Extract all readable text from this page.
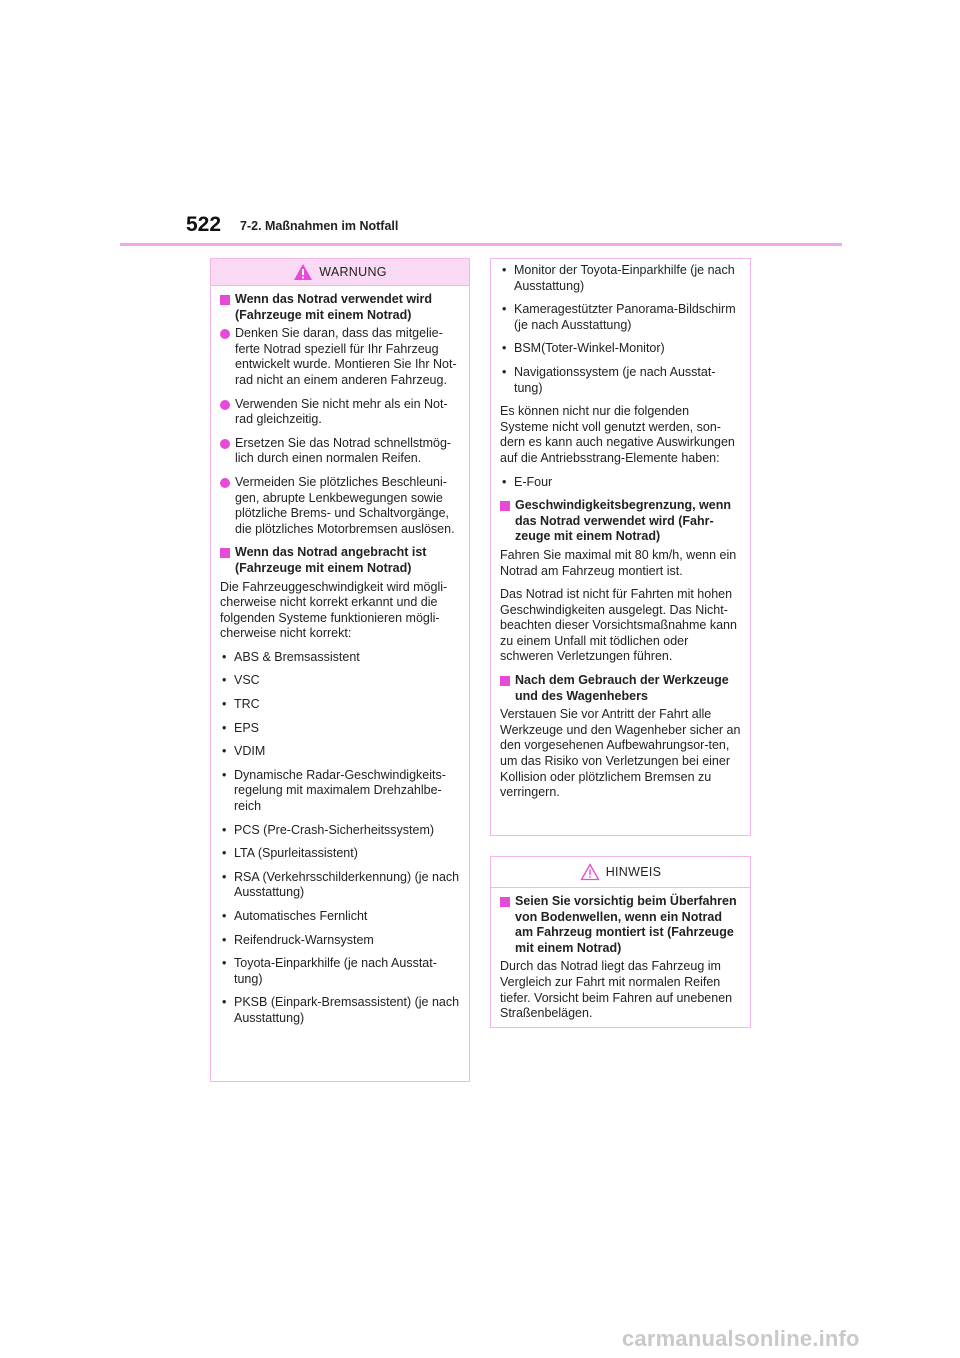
522 7-2. Maßnahmen im Notfall
WARNUNG
Wenn das Notrad verwendet wird (Fahrzeuge mit einem Notrad)
Denken Sie daran, dass das mitgelie-ferte Notrad speziell für Ihr Fahrzeug entwickelt wurde. Montieren Sie Ihr Not-rad nicht an einem anderen Fahrzeug.
Verwenden Sie nicht mehr als ein Not-rad gleichzeitig.
Ersetzen Sie das Notrad schnellstmög-lich durch einen normalen Reifen.
Vermeiden Sie plötzliches Beschleuni-gen, abrupte Lenkbewegungen sowie plötzliche Brems- und Schaltvorgänge, die plötzliches Motorbremsen auslösen.
Wenn das Notrad angebracht ist (Fahrzeuge mit einem Notrad)
Die Fahrzeuggeschwindigkeit wird mögli-cherweise nicht korrekt erkannt und die folgenden Systeme funktionieren mögli-cherweise nicht korrekt:
• ABS & Bremsassistent
• VSC
• TRC
• EPS
• VDIM
• Dynamische Radar-Geschwindigkeits-regelung mit maximalem Drehzahlbe-reich
• PCS (Pre-Crash-Sicherheitssystem)
• LTA (Spurleitassistent)
• RSA (Verkehrsschilderkennung) (je nach Ausstattung)
• Automatisches Fernlicht
• Reifendruck-Warnsystem
• Toyota-Einparkhilfe (je nach Ausstat-tung)
• PKSB (Einpark-Bremsassistent) (je nach Ausstattung)
• Monitor der Toyota-Einparkhilfe (je nach Ausstattung)
• Kameragestützter Panorama-Bildschirm (je nach Ausstattung)
• BSM(Toter-Winkel-Monitor)
• Navigationssystem (je nach Ausstat-tung)
Es können nicht nur die folgenden Systeme nicht voll genutzt werden, son-dern es kann auch negative Auswirkungen auf die Antriebsstrang-Elemente haben:
• E-Four
Geschwindigkeitsbegrenzung, wenn das Notrad verwendet wird (Fahr-zeuge mit einem Notrad)
Fahren Sie maximal mit 80 km/h, wenn ein Notrad am Fahrzeug montiert ist.
Das Notrad ist nicht für Fahrten mit hohen Geschwindigkeiten ausgelegt. Das Nicht-beachten dieser Vorsichtsmaßnahme kann zu einem Unfall mit tödlichen oder schweren Verletzungen führen.
Nach dem Gebrauch der Werkzeuge und des Wagenhebers
Verstauen Sie vor Antritt der Fahrt alle Werkzeuge und den Wagenheber sicher an den vorgesehenen Aufbewahrungsor-ten, um das Risiko von Verletzungen bei einer Kollision oder plötzlichem Bremsen zu verringern.
HINWEIS
Seien Sie vorsichtig beim Überfahren von Bodenwellen, wenn ein Notrad am Fahrzeug montiert ist (Fahrzeuge mit einem Notrad)
Durch das Notrad liegt das Fahrzeug im Vergleich zur Fahrt mit normalen Reifen tiefer. Vorsicht beim Fahren auf unebenen Straßenbelägen.
carmanualsonline.info
